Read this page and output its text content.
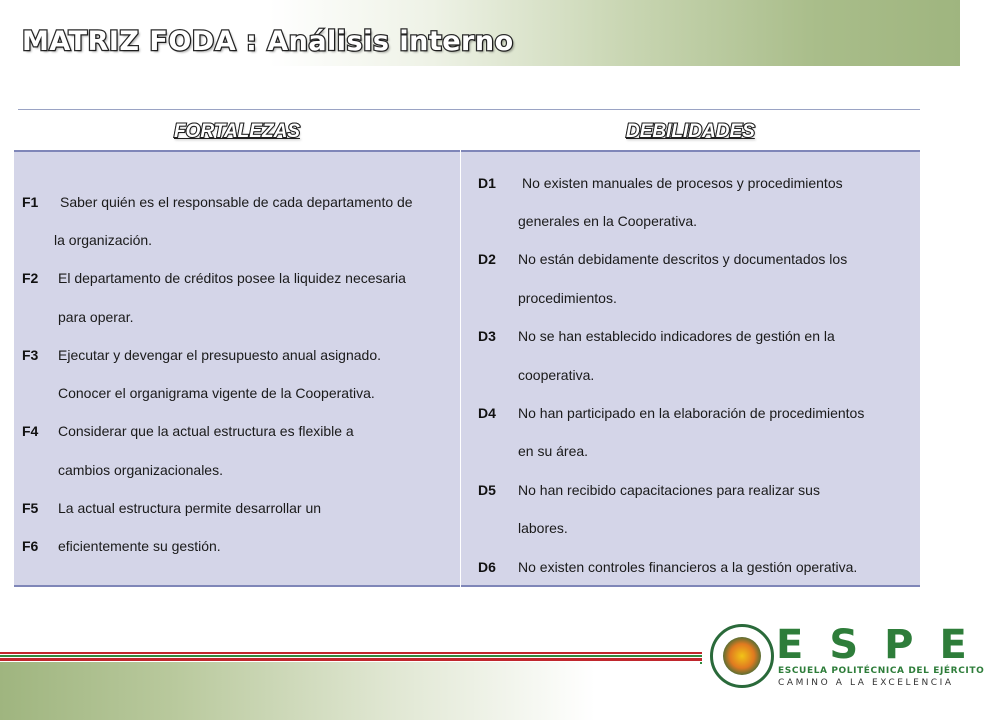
MATRIZ FODA : Análisis interno
FORTALEZAS	DEBILIDADES
F1 Saber quién es el responsable de cada departamento de
la organización.
F2 El departamento de créditos posee la liquidez necesaria
para operar.
F3 Ejecutar y devengar el presupuesto anual asignado.
Conocer el organigrama vigente de la Cooperativa.
F4 Considerar que la actual estructura es flexible a
cambios organizacionales.
F5 La actual estructura permite desarrollar un
F6 eficientemente su gestión.
D1 No existen manuales de procesos y procedimientos
generales en la Cooperativa.
D2 No están debidamente descritos y documentados los
procedimientos.
D3 No se han establecido indicadores de gestión en la
cooperativa.
D4 No han participado en la elaboración de procedimientos
en su área.
D5 No han recibido capacitaciones para realizar sus
labores.
D6 No existen controles financieros a la gestión operativa.
ESPE
ESCUELA POLITÉCNICA DEL EJÉRCITO
CAMINO A LA EXCELENCIA
